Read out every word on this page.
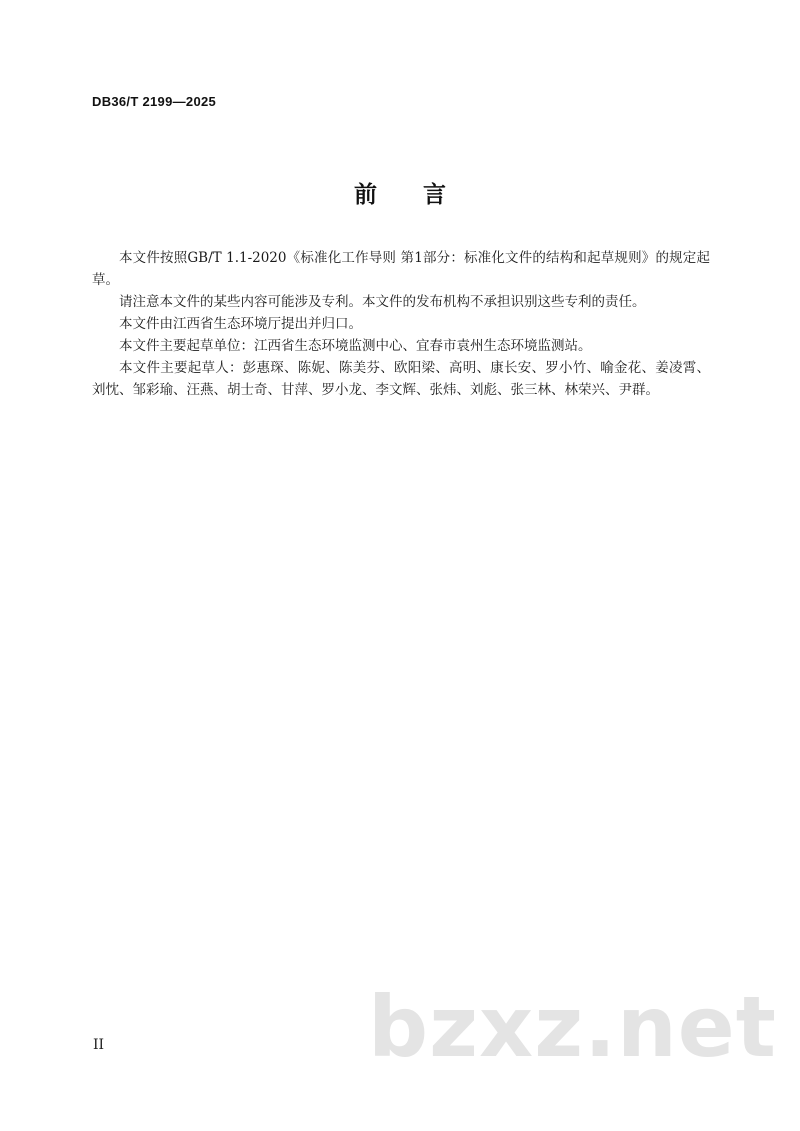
DB36/T 2199—2025
前 言

本文件按照GB/T 1.1-2020《标准化工作导则 第1部分：标准化文件的结构和起草规则》的规定起草。

请注意本文件的某些内容可能涉及专利。本文件的发布机构不承担识别这些专利的责任。

本文件由江西省生态环境厅提出并归口。

本文件主要起草单位：江西省生态环境监测中心、宜春市袁州生态环境监测站。

本文件主要起草人：彭惠琛、陈妮、陈美芬、欧阳梁、高明、康长安、罗小竹、喻金花、姜凌霄、刘忱、邹彩瑜、汪燕、胡士奇、甘萍、罗小龙、李文辉、张炜、刘彪、张三林、林荣兴、尹群。

II	bzxz.net
